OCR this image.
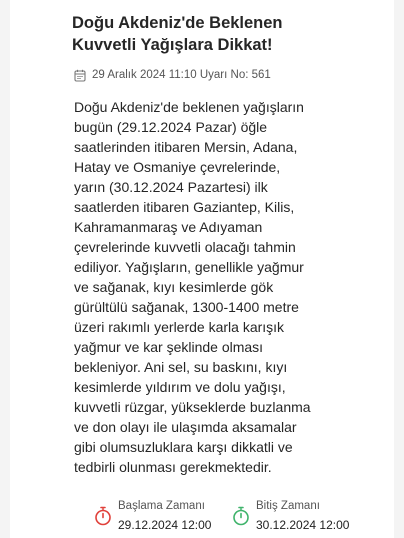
Doğu Akdeniz'de Beklenen
Kuvvetli Yağışlara Dikkat!
29 Aralık 2024 11:10 Uyarı No: 561
Doğu Akdeniz'de beklenen yağışların
bugün (29.12.2024 Pazar) öğle
saatlerinden itibaren Mersin, Adana,
Hatay ve Osmaniye çevrelerinde,
yarın (30.12.2024 Pazartesi) ilk
saatlerden itibaren Gaziantep, Kilis,
Kahramanmaraş ve Adıyaman
çevrelerinde kuvvetli olacağı tahmin
ediliyor. Yağışların, genellikle yağmur
ve sağanak, kıyı kesimlerde gök
gürültülü sağanak, 1300-1400 metre
üzeri rakımlı yerlerde karla karışık
yağmur ve kar şeklinde olması
bekleniyor. Ani sel, su baskını, kıyı
kesimlerde yıldırım ve dolu yağışı,
kuvvetli rüzgar, yükseklerde buzlanma
ve don olayı ile ulaşımda aksamalar
gibi olumsuzluklara karşı dikkatli ve
tedbirli olunması gerekmektedir.
Başlama Zamanı
29.12.2024 12:00
Bitiş Zamanı
30.12.2024 12:00
